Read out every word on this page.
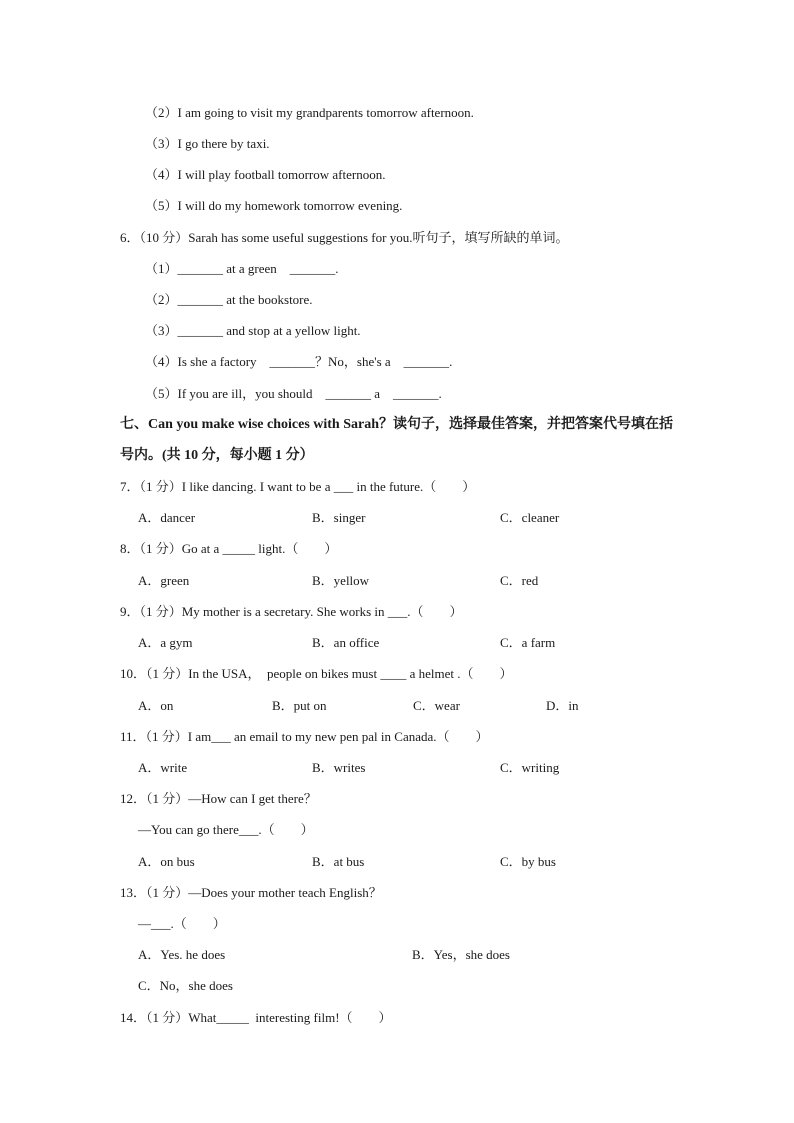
（2）I am going to visit my grandparents tomorrow afternoon.
（3）I go there by taxi.
（4）I will play football tomorrow afternoon.
（5）I will do my homework tomorrow evening.
6．（10 分）Sarah has some useful suggestions for you.听句子，填写所缺的单词。
（1）_______ at a green    _______.
（2）_______ at the bookstore.
（3）_______ and stop at a yellow light.
（4）Is she a factory    _______？No，she's a    _______.
（5）If you are ill，you should    _______ a    _______.
七、Can you make wise choices with Sarah？读句子，选择最佳答案，并把答案代号填在括
号内。(共 10 分，每小题 1 分）
7．（1 分）I like dancing. I want to be a ___ in the future.（　　）
A．dancer	B．singer	C．cleaner
8．（1 分）Go at a _____ light.（　　）
A．green	B．yellow	C．red
9．（1 分）My mother is a secretary. She works in ___.（　　）
A．a gym	B．an office	C．a farm
10．（1 分）In the USA，  people on bikes must ____ a helmet .（　　）
A．on	B．put on	C．wear	D．in
11．（1 分）I am___ an email to my new pen pal in Canada.（　　）
A．write	B．writes	C．writing
12．（1 分）—How can I get there？
—You can go there___.（　　）
A．on bus	B．at bus	C．by bus
13．（1 分）—Does your mother teach English？
—___.（　　）
A．Yes. he does	B．Yes，she does
C．No，she does
14．（1 分）What_____  interesting film!（　　）
